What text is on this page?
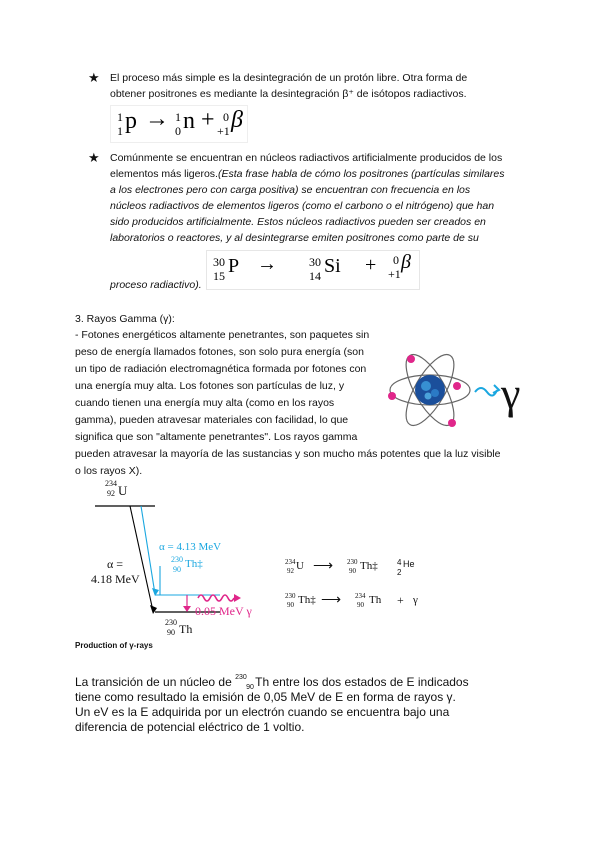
★ El proceso más simple es la desintegración de un protón libre. Otra forma de
obtener positrones es mediante la desintegración β⁺ de isótopos radiactivos.
1
1 p → 1
0 n + 0
+1 β
★ Comúnmente se encuentran en núcleos radiactivos artificialmente producidos de los
elementos más ligeros.(Esta frase habla de cómo los positrones (partículas similares
a los electrones pero con carga positiva) se encuentran con frecuencia en los
núcleos radiactivos de elementos ligeros (como el carbono o el nitrógeno) que han
sido producidos artificialmente. Estos núcleos radiactivos pueden ser creados en
laboratorios o reactores, y al desintegrarse emiten positrones como parte de su
proceso radiactivo).
30
15 P →	30
14 Si + 0
+1
β
3. Rayos Gamma (γ):
- Fotones energéticos altamente penetrantes, son paquetes sin
peso de energía llamados fotones, son solo pura energía (son
un tipo de radiación electromagnética formada por fotones con
una energía muy alta. Los fotones son partículas de luz, y
cuando tienen una energía muy alta (como en los rayos
gamma), pueden atravesar materiales con facilidad, lo que
significa que son "altamente penetrantes". Los rayos gamma
pueden atravesar la mayoría de las sustancias y son mucho más potentes que la luz visible
o los rayos X).
γ
234
92 U
α =
4.18 MeV
α = 4.13 MeV
230
90 Th‡
0.05 MeV γ
230
90 Th
234
92 U ⟶ 230
90 Th‡ 4
2
He
230
90 Th‡ ⟶ 234
90 Th + γ
Production of γ-rays
La transición de un núcleo de 230
90 Th entre los dos estados de E indicados
tiene como resultado la emisión de 0,05 MeV de E en forma de rayos γ.
Un eV es la E adquirida por un electrón cuando se encuentra bajo una
diferencia de potencial eléctrico de 1 voltio.
